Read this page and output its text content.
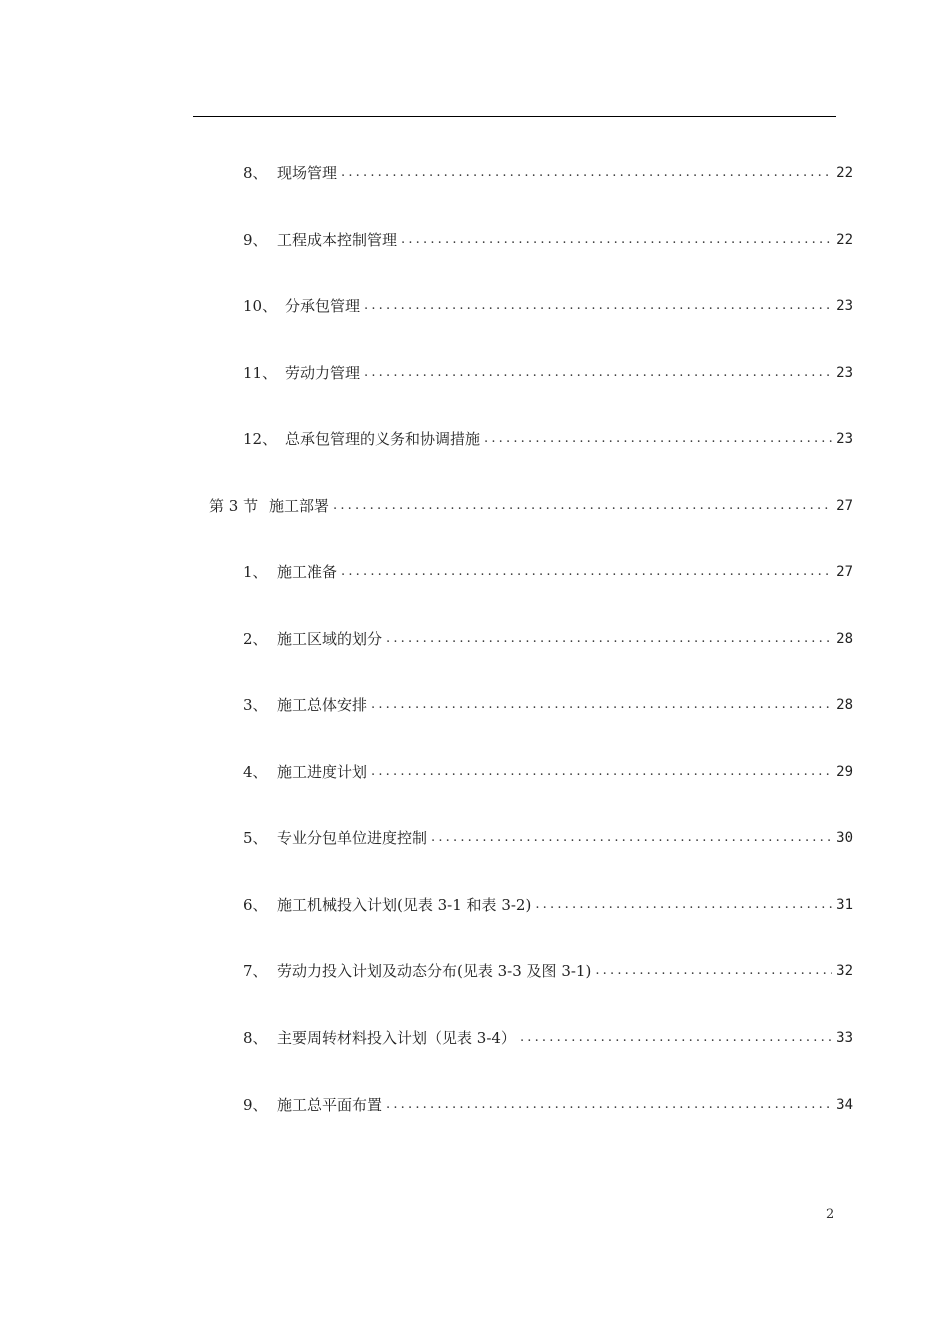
8、 现场管理 .....	22
9、 工程成本控制管理 .....	22
10、 分承包管理 .....	23
11、 劳动力管理 .....	23
12、 总承包管理的义务和协调措施 .....	23
第 3 节 施工部署 .....	27
1、 施工准备 .....	27
2、 施工区域的划分 .....	28
3、 施工总体安排 .....	28
4、 施工进度计划 .....	29
5、 专业分包单位进度控制 .....	30
6、 施工机械投入计划(见表 3-1 和表 3-2) .....	31
7、 劳动力投入计划及动态分布(见表 3-3 及图 3-1) .....	32
8、 主要周转材料投入计划（见表 3-4） .....	33
9、 施工总平面布置 .....	34
2
